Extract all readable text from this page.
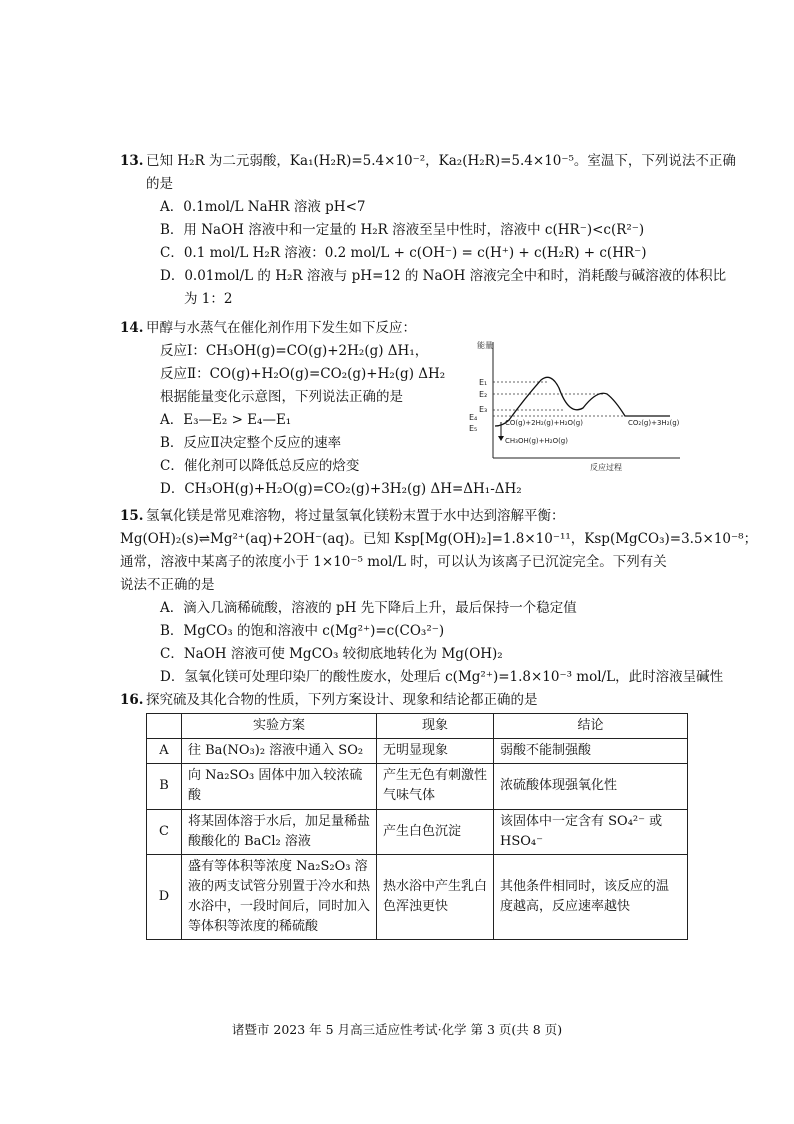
13. 已知 H₂R 为二元弱酸，Ka₁(H₂R)=5.4×10⁻²，Ka₂(H₂R)=5.4×10⁻⁵。室温下，下列说法不正确
的是
A．0.1mol/L NaHR 溶液 pH<7
B．用 NaOH 溶液中和一定量的 H₂R 溶液至呈中性时，溶液中 c(HR⁻)<c(R²⁻)
C．0.1 mol/L H₂R 溶液：0.2 mol/L + c(OH⁻) = c(H⁺) + c(H₂R) + c(HR⁻)
D．0.01mol/L 的 H₂R 溶液与 pH=12 的 NaOH 溶液完全中和时，消耗酸与碱溶液的体积比
为 1：2
14. 甲醇与水蒸气在催化剂作用下发生如下反应：
反应Ⅰ：CH₃OH(g)=CO(g)+2H₂(g) ΔH₁，
反应Ⅱ：CO(g)+H₂O(g)=CO₂(g)+H₂(g) ΔH₂
根据能量变化示意图，下列说法正确的是
A．E₃—E₂ > E₄—E₁
B．反应Ⅱ决定整个反应的速率
C．催化剂可以降低总反应的焓变
D．CH₃OH(g)+H₂O(g)=CO₂(g)+3H₂(g) ΔH=ΔH₁-ΔH₂
能量
反应过程
E₁
E₂
E₃
E₄
E₅
CO(g)+2H₂(g)+H₂O(g)	CO₂(g)+3H₂(g)
CH₃OH(g)+H₂O(g)
15. 氢氧化镁是常见难溶物，将过量氢氧化镁粉末置于水中达到溶解平衡：
Mg(OH)₂(s)⇌Mg²⁺(aq)+2OH⁻(aq)。已知 Ksp[Mg(OH)₂]=1.8×10⁻¹¹，Ksp(MgCO₃)=3.5×10⁻⁸；
通常，溶液中某离子的浓度小于 1×10⁻⁵ mol/L 时，可以认为该离子已沉淀完全。下列有关
说法不正确的是
A．滴入几滴稀硫酸，溶液的 pH 先下降后上升，最后保持一个稳定值
B．MgCO₃ 的饱和溶液中 c(Mg²⁺)=c(CO₃²⁻)
C．NaOH 溶液可使 MgCO₃ 较彻底地转化为 Mg(OH)₂
D．氢氧化镁可处理印染厂的酸性废水，处理后 c(Mg²⁺)=1.8×10⁻³ mol/L，此时溶液呈碱性
16. 探究硫及其化合物的性质，下列方案设计、现象和结论都正确的是
	实验方案	现象	结论
A	往 Ba(NO₃)₂ 溶液中通入 SO₂	无明显现象	弱酸不能制强酸
B	向 Na₂SO₃ 固体中加入较浓硫酸	产生无色有刺激性气味气体	浓硫酸体现强氧化性
C	将某固体溶于水后，加足量稀盐酸酸化的 BaCl₂ 溶液	产生白色沉淀	该固体中一定含有 SO₄²⁻ 或 HSO₄⁻
D	盛有等体积等浓度 Na₂S₂O₃ 溶液的两支试管分别置于冷水和热水浴中，一段时间后，同时加入等体积等浓度的稀硫酸	热水浴中产生乳白色浑浊更快	其他条件相同时，该反应的温度越高，反应速率越快
诸暨市 2023 年 5 月高三适应性考试·化学 第 3 页(共 8 页)
